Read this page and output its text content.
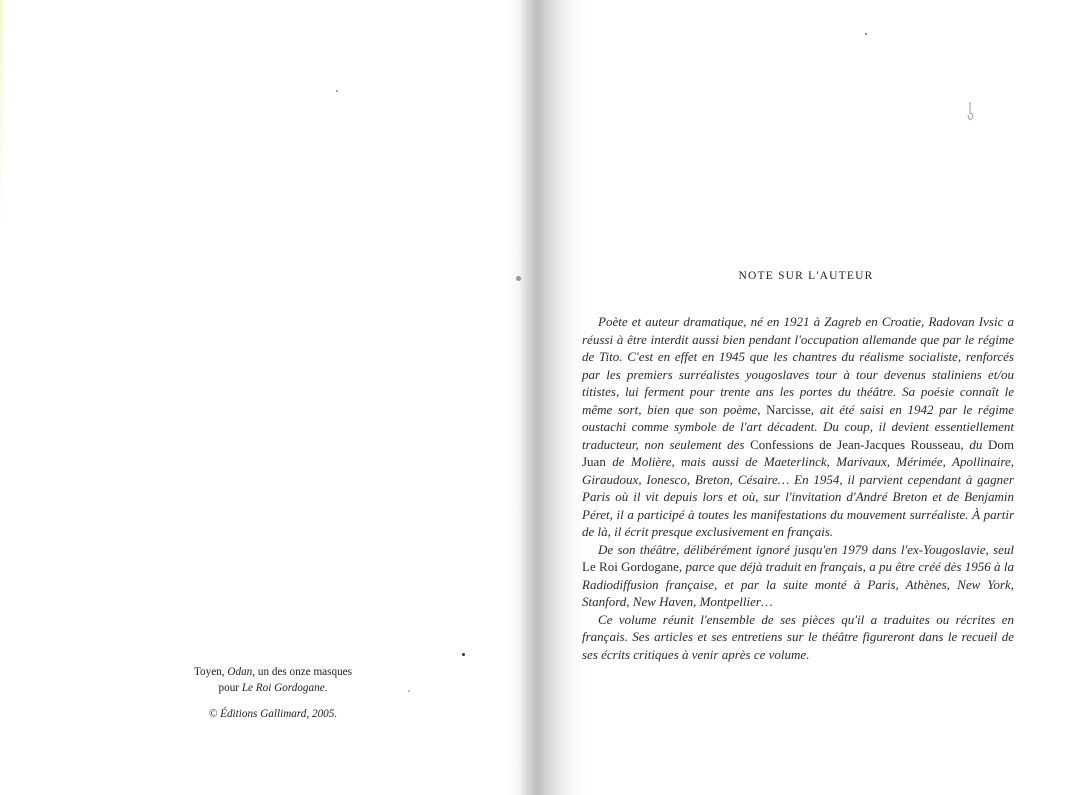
Toyen, Odan, un des onze masques
pour Le Roi Gordogane.
© Éditions Gallimard, 2005.
NOTE SUR L'AUTEUR

Poète et auteur dramatique, né en 1921 à Zagreb en Croatie, Radovan Ivsic a réussi à être interdit aussi bien pendant l'occupation allemande que par le régime de Tito. C'est en effet en 1945 que les chantres du réalisme socialiste, renforcés par les premiers surréalistes yougoslaves tour à tour devenus staliniens et/ou titistes, lui ferment pour trente ans les portes du théâtre. Sa poésie connaît le même sort, bien que son poème, Narcisse, ait été saisi en 1942 par le régime oustachi comme symbole de l'art décadent. Du coup, il devient essentiellement traducteur, non seulement des Confessions de Jean-Jacques Rousseau, du Dom Juan de Molière, mais aussi de Maeterlinck, Marivaux, Mérimée, Apollinaire, Giraudoux, Ionesco, Breton, Césaire… En 1954, il parvient cependant à gagner Paris où il vit depuis lors et où, sur l'invitation d'André Breton et de Benjamin Péret, il a participé à toutes les manifestations du mouvement surréaliste. À partir de là, il écrit presque exclusivement en français.

De son théâtre, délibérément ignoré jusqu'en 1979 dans l'ex-Yougoslavie, seul Le Roi Gordogane, parce que déjà traduit en français, a pu être créé dès 1956 à la Radiodiffusion française, et par la suite monté à Paris, Athènes, New York, Stanford, New Haven, Montpellier…

Ce volume réunit l'ensemble de ses pièces qu'il a traduites ou récrites en français. Ses articles et ses entretiens sur le théâtre figureront dans le recueil de ses écrits critiques à venir après ce volume.
